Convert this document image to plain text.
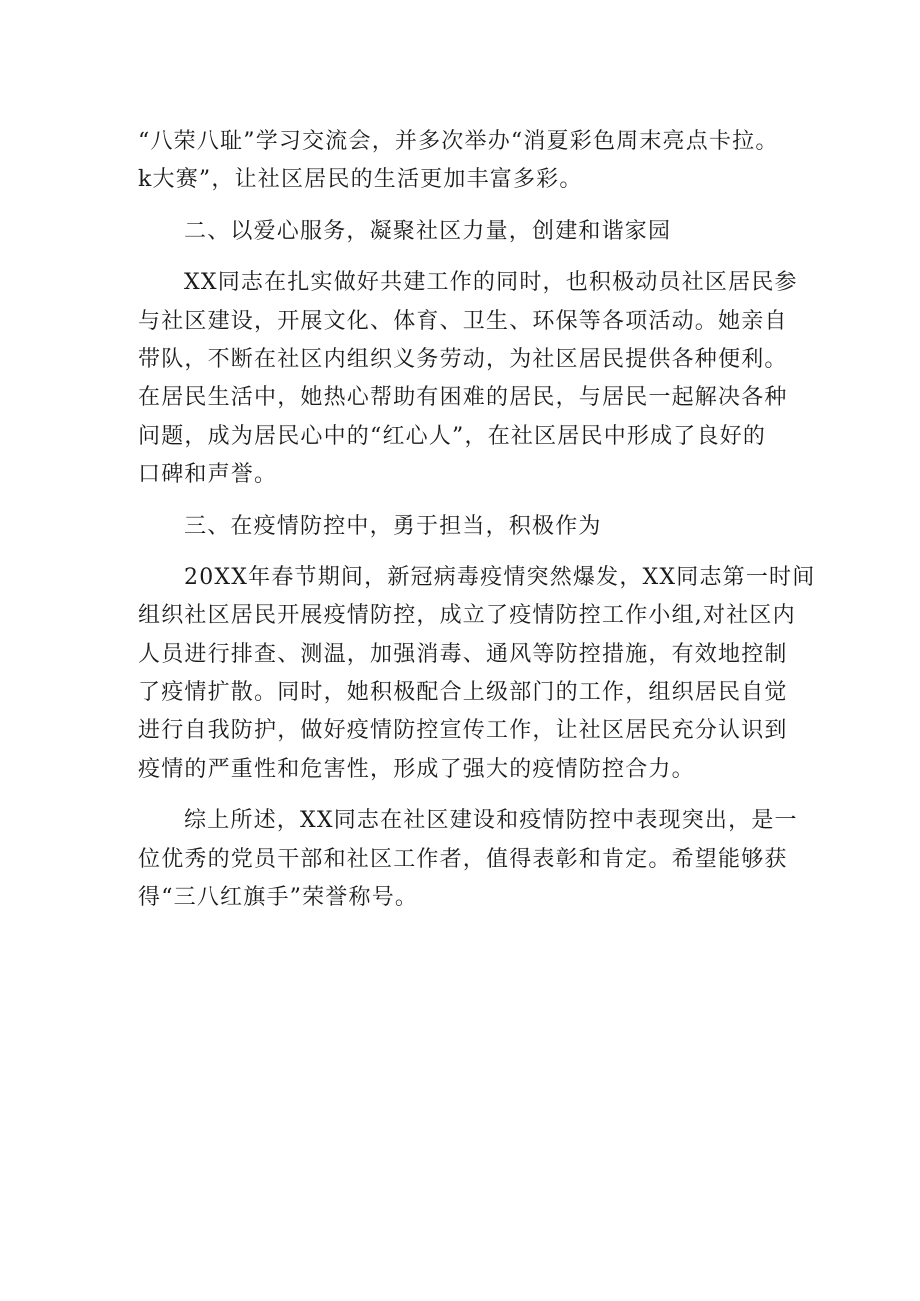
“八荣八耻”学习交流会，并多次举办“消夏彩色周末亮点卡拉。
k大赛”，让社区居民的生活更加丰富多彩。
二、以爱心服务，凝聚社区力量，创建和谐家园
XX同志在扎实做好共建工作的同时，也积极动员社区居民参
与社区建设，开展文化、体育、卫生、环保等各项活动。她亲自
带队，不断在社区内组织义务劳动，为社区居民提供各种便利。
在居民生活中，她热心帮助有困难的居民，与居民一起解决各种
问题，成为居民心中的“红心人”，在社区居民中形成了良好的
口碑和声誉。
三、在疫情防控中，勇于担当，积极作为
20XX年春节期间，新冠病毒疫情突然爆发，XX同志第一时间
组织社区居民开展疫情防控，成立了疫情防控工作小组,对社区内
人员进行排查、测温，加强消毒、通风等防控措施，有效地控制
了疫情扩散。同时，她积极配合上级部门的工作，组织居民自觉
进行自我防护，做好疫情防控宣传工作，让社区居民充分认识到
疫情的严重性和危害性，形成了强大的疫情防控合力。
综上所述，XX同志在社区建设和疫情防控中表现突出，是一
位优秀的党员干部和社区工作者，值得表彰和肯定。希望能够获
得“三八红旗手”荣誉称号。
